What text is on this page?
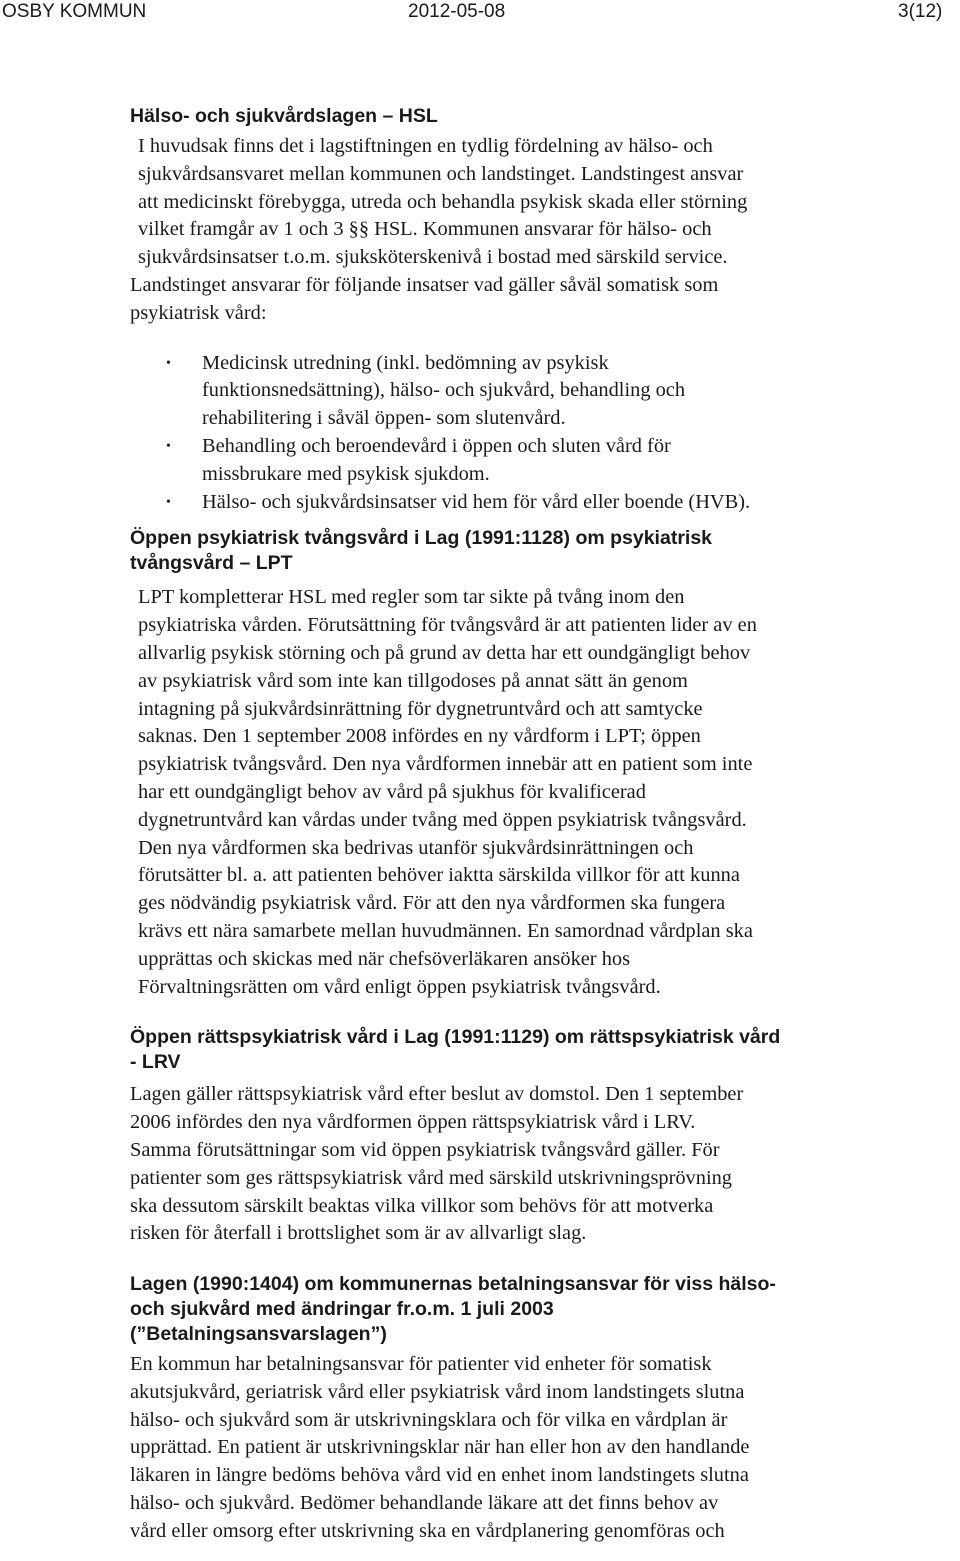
OSBY KOMMUN	2012-05-08	3(12)
Hälso- och sjukvårdslagen – HSL

I huvudsak finns det i lagstiftningen en tydlig fördelning av hälso- och
sjukvårdsansvaret mellan kommunen och landstinget. Landstingest ansvar
att medicinskt förebygga, utreda och behandla psykisk skada eller störning
vilket framgår av 1 och 3 §§ HSL. Kommunen ansvarar för hälso- och
sjukvårdsinsatser t.o.m. sjuksköterskenivå i bostad med särskild service.

Landstinget ansvarar för följande insatser vad gäller såväl somatisk som
psykiatrisk vård:

• Medicinsk utredning (inkl. bedömning av psykisk
funktionsnedsättning), hälso- och sjukvård, behandling och
rehabilitering i såväl öppen- som slutenvård.
• Behandling och beroendevård i öppen och sluten vård för
missbrukare med psykisk sjukdom.
• Hälso- och sjukvårdsinsatser vid hem för vård eller boende (HVB).
Öppen psykiatrisk tvångsvård i Lag (1991:1128) om psykiatrisk
tvångsvård – LPT

LPT kompletterar HSL med regler som tar sikte på tvång inom den
psykiatriska vården. Förutsättning för tvångsvård är att patienten lider av en
allvarlig psykisk störning och på grund av detta har ett oundgängligt behov
av psykiatrisk vård som inte kan tillgodoses på annat sätt än genom
intagning på sjukvårdsinrättning för dygnetruntvård och att samtycke
saknas. Den 1 september 2008 infördes en ny vårdform i LPT; öppen
psykiatrisk tvångsvård. Den nya vårdformen innebär att en patient som inte
har ett oundgängligt behov av vård på sjukhus för kvalificerad
dygnetruntvård kan vårdas under tvång med öppen psykiatrisk tvångsvård.
Den nya vårdformen ska bedrivas utanför sjukvårdsinrättningen och
förutsätter bl. a. att patienten behöver iaktta särskilda villkor för att kunna
ges nödvändig psykiatrisk vård. För att den nya vårdformen ska fungera
krävs ett nära samarbete mellan huvudmännen. En samordnad vårdplan ska
upprättas och skickas med när chefsöverläkaren ansöker hos
Förvaltningsrätten om vård enligt öppen psykiatrisk tvångsvård.

Öppen rättspsykiatrisk vård i Lag (1991:1129) om rättspsykiatrisk vård
- LRV

Lagen gäller rättspsykiatrisk vård efter beslut av domstol. Den 1 september
2006 infördes den nya vårdformen öppen rättspsykiatrisk vård i LRV.
Samma förutsättningar som vid öppen psykiatrisk tvångsvård gäller. För
patienter som ges rättspsykiatrisk vård med särskild utskrivningsprövning
ska dessutom särskilt beaktas vilka villkor som behövs för att motverka
risken för återfall i brottslighet som är av allvarligt slag.

Lagen (1990:1404) om kommunernas betalningsansvar för viss hälso-
och sjukvård med ändringar fr.o.m. 1 juli 2003
(”Betalningsansvarslagen”)

En kommun har betalningsansvar för patienter vid enheter för somatisk
akutsjukvård, geriatrisk vård eller psykiatrisk vård inom landstingets slutna
hälso- och sjukvård som är utskrivningsklara och för vilka en vårdplan är
upprättad. En patient är utskrivningsklar när han eller hon av den handlande
läkaren in längre bedöms behöva vård vid en enhet inom landstingets slutna
hälso- och sjukvård. Bedömer behandlande läkare att det finns behov av
vård eller omsorg efter utskrivning ska en vårdplanering genomföras och
